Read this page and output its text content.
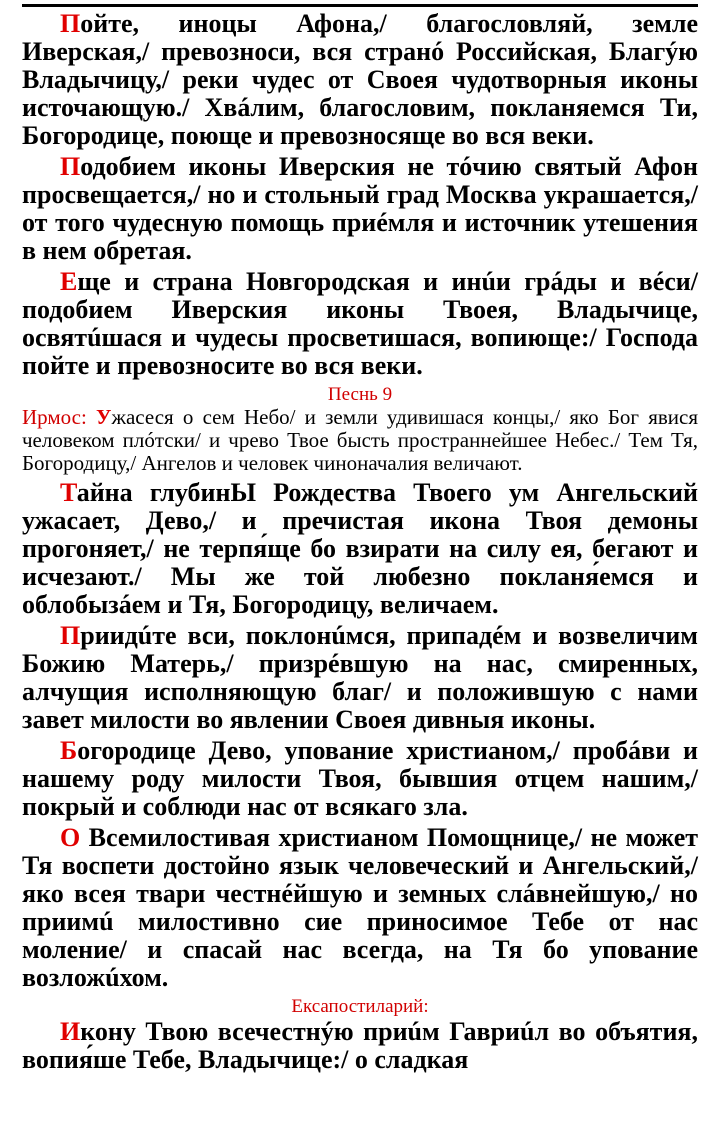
Пойте, иноцы Афона,/ благословляй, земле Иверская,/ превозноси, вся странó Российская, Благýю Владычицу,/ реки чудес от Своея чудотворныя иконы источающую./ Хвáлим, благословим, покланяемся Ти, Богородице, поюще и превозносяще во вся веки.

Подобием иконы Иверския не тóчию святый Афон просвещается,/ но и стольный град Москва украшается,/ от того чудесную помощь приéмля и источник утешения в нем обретая.

Еще и страна Новгородская и инúи грáды и вéси/ подобием Иверския иконы Твоея, Владычице, освятúшася и чудесы просветишася, вопиюще:/ Господа пойте и превозносите во вся веки.

Песнь 9

Ирмос: Ужасеся о сем Небо/ и земли удивишася концы,/ яко Бог явися человеком плóтски/ и чрево Твое бысть пространнейшее Небес./ Тем Тя, Богородицу,/ Ангелов и человек чиноначалия величают.

Тайна глубинЫ Рождества Твоего ум Ангельский ужасает, Дево,/ и пречистая икона Твоя демоны прогоняет,/ не терпя́ще бо взирати на силу ея, бегают и исчезают./ Мы же той любезно покланя́емся и облобызáем и Тя, Богородицу, величаем.

Приидúте вси, поклонúмся, припадéм и возвеличим Божию Матерь,/ призрéвшую на нас, смиренных, алчущия исполняющую благ/ и положившую с нами завет милости во явлении Своея дивныя иконы.

Богородице Дево, упование христианом,/ пробáви и нашему роду милости Твоя, бывшия отцем нашим,/ покрый и соблюди нас от всякаго зла.

О Всемилостивая христианом Помощнице,/ не может Тя воспети достойно язык человеческий и Ангельский,/ яко всея твари честнéйшую и земных слáвнейшую,/ но приимú милостивно сие приносимое Тебе от нас моление/ и спасай нас всегда, на Тя бо упование возложúхом.

Ексапостиларий:

Икону Твою всечестнýю приúм Гавриúл во объятия, вопия́ше Тебе, Владычице:/ о сладкая
